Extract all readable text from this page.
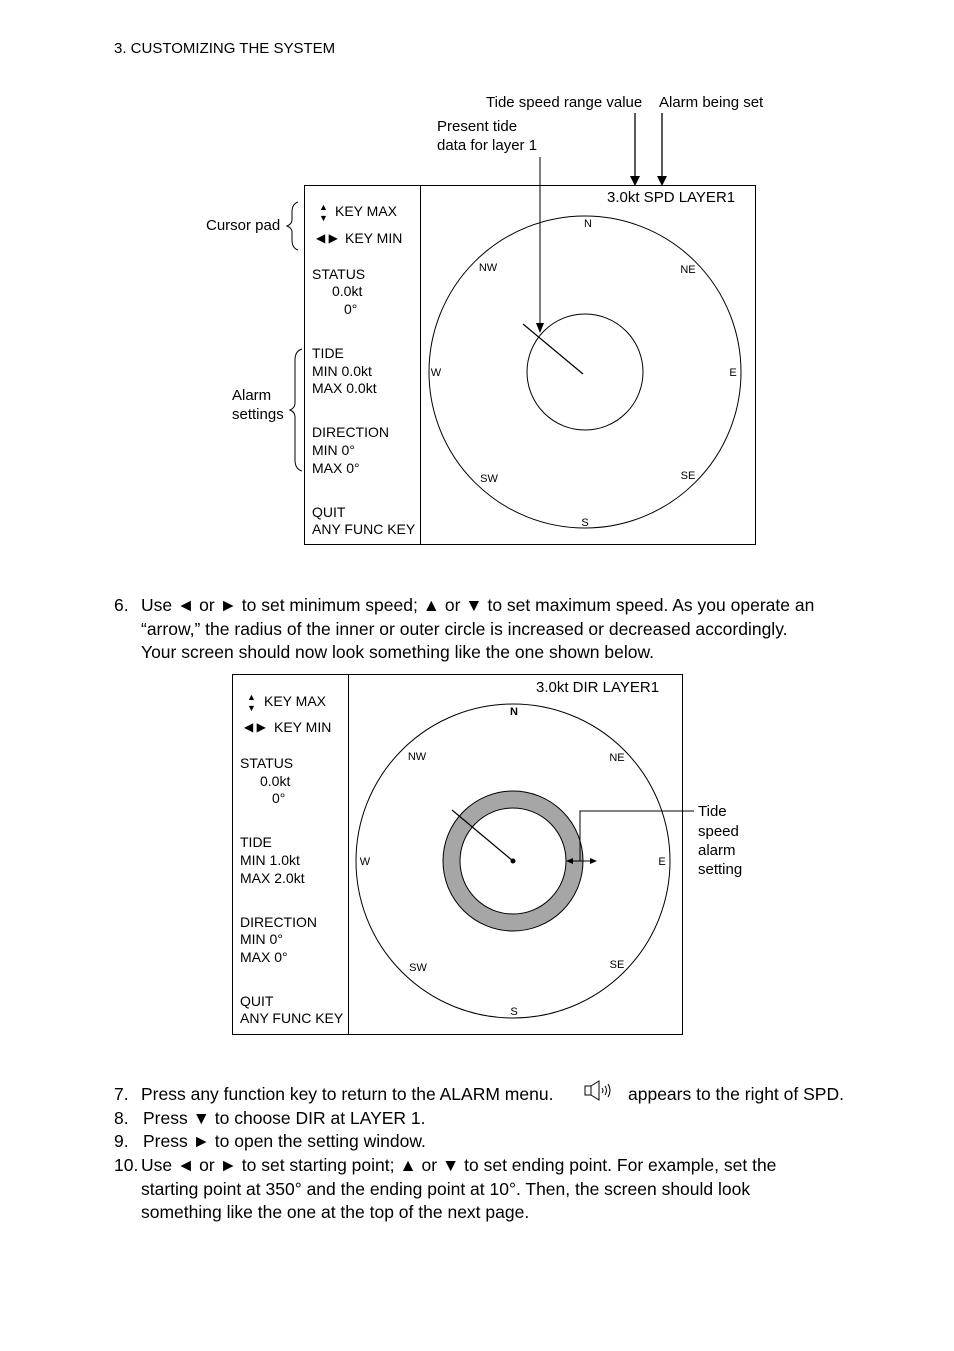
3. CUSTOMIZING THE SYSTEM
Tide speed range value Alarm being set
Present tide
data for layer 1
Cursor pad
Alarm
settings
▲
▼ KEY MAX
◀ ▶ KEY MIN
STATUS
0.0kt
0°
TIDE
MIN 0.0kt
MAX 0.0kt
DIRECTION
MIN 0°
MAX 0°
QUIT
ANY FUNC KEY
3.0kt SPD LAYER1
N
NE
E
SE
S
SW
W
NW
6. Use ◄ or ► to set minimum speed; ▲ or ▼ to set maximum speed. As you operate an
“arrow,” the radius of the inner or outer circle is increased or decreased accordingly.
Your screen should now look something like the one shown below.
3.0kt DIR LAYER1
▲
▼ KEY MAX
◀ ▶ KEY MIN
STATUS
0.0kt
0°
TIDE
MIN 1.0kt
MAX 2.0kt
DIRECTION
MIN 0°
MAX 0°
QUIT
ANY FUNC KEY
Tide
speed
alarm
setting
N
NE
E
SE
S
SW
W
NW
7. Press any function key to return to the ALARM menu.	appears to the right of SPD.
8. Press ▼ to choose DIR at LAYER 1.
9. Press ► to open the setting window.
10. Use ◄ or ► to set starting point; ▲ or ▼ to set ending point. For example, set the
starting point at 350° and the ending point at 10°. Then, the screen should look
something like the one at the top of the next page.
